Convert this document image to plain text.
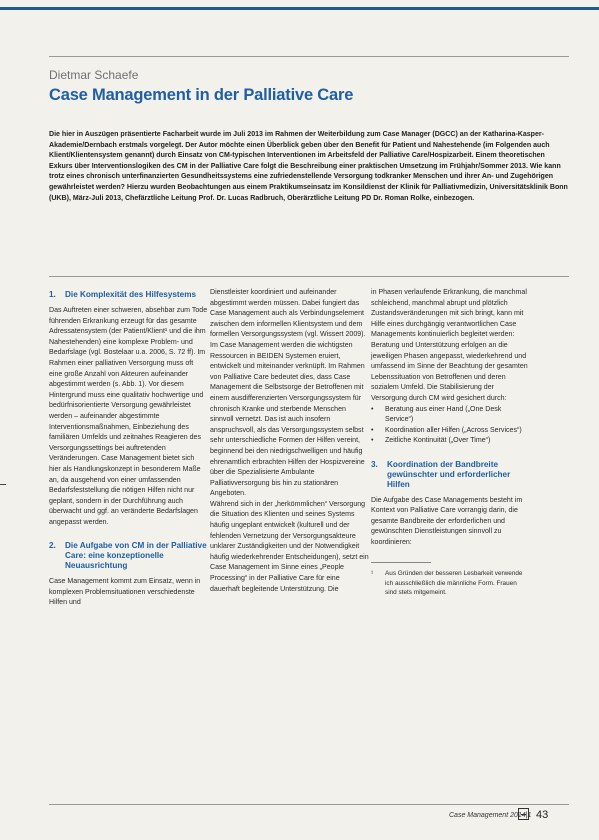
Dietmar Schaefe
Case Management in der Palliative Care
Die hier in Auszügen präsentierte Facharbeit wurde im Juli 2013 im Rahmen der Weiterbildung zum Case Manager (DGCC) an der Katharina-Kasper-Akademie/Dernbach erstmals vorgelegt. Der Autor möchte einen Überblick geben über den Benefit für Patient und Nahestehende (im Folgenden auch Klient/Klientensystem genannt) durch Einsatz von CM-typischen Interventionen im Arbeitsfeld der Palliative Care/Hospizarbeit. Einem theoretischen Exkurs über Interventionslogiken des CM in der Palliative Care folgt die Beschreibung einer praktischen Umsetzung im Frühjahr/Sommer 2013. Wie kann trotz eines chronisch unterfinanzierten Gesundheitssystems eine zufriedenstellende Versorgung todkranker Menschen und ihrer An- und Zugehörigen gewährleistet werden? Hierzu wurden Beobachtungen aus einem Praktikumseinsatz im Konsildienst der Klinik für Palliativmedizin, Universitätsklinik Bonn (UKB), März-Juli 2013, Chefärztliche Leitung Prof. Dr. Lucas Radbruch, Oberärztliche Leitung PD Dr. Roman Rolke, einbezogen.
1.	Die Komplexität des Hilfesystems
Das Auftreten einer schweren, absehbar zum Tode führenden Erkrankung erzeugt für das gesamte Adressatensystem (der Patient/Klient¹ und die ihm Nahestehenden) eine komplexe Problem- und Bedarfslage (vgl. Bostelaar u.a. 2006, S. 72 ff). Im Rahmen einer palliativen Versorgung muss oft eine große Anzahl von Akteuren aufeinander abgestimmt werden (s. Abb. 1). Vor diesem Hintergrund muss eine qualitativ hochwertige und bedürfnisorientierte Versorgung gewährleistet werden – aufeinander abgestimmte Interventionsmaßnahmen, Einbeziehung des familiären Umfelds und zeitnahes Reagieren des Versorgungssettings bei auftretenden Veränderungen. Case Management bietet sich hier als Handlungskonzept in besonderem Maße an, da ausgehend von einer umfassenden Bedarfsfeststellung die nötigen Hilfen nicht nur geplant, sondern in der Durchführung auch überwacht und ggf. an veränderte Bedarfslagen angepasst werden.
2.	Die Aufgabe von CM in der Palliative Care: eine konzeptionelle Neuausrichtung
Case Management kommt zum Einsatz, wenn in komplexen Problemsituationen verschiedenste Hilfen und
Dienstleister koordiniert und aufeinander abgestimmt werden müssen. Dabei fungiert das Case Management auch als Verbindungselement zwischen dem informellen Klientsystem und dem formellen Versorgungssystem (vgl. Wissert 2009). Im Case Management werden die wichtigsten Ressourcen in BEIDEN Systemen eruiert, entwickelt und miteinander verknüpft. Im Rahmen von Palliative Care bedeutet dies, dass Case Management die Selbstsorge der Betroffenen mit einem ausdifferenzierten Versorgungssystem für chronisch Kranke und sterbende Menschen sinnvoll vernetzt. Das ist auch insofern anspruchsvoll, als das Versorgungssystem selbst sehr unterschiedliche Formen der Hilfen vereint, beginnend bei den niedrigschwelligen und häufig ehrenamtlich erbrachten Hilfen der Hospizvereine über die Spezialisierte Ambulante Palliativversorgung bis hin zu stationären Angeboten.
Während sich in der „herkömmlichen“ Versorgung die Situation des Klienten und seines Systems häufig ungeplant entwickelt (kulturell und der fehlenden Vernetzung der Versorgungsakteure unklarer Zuständigkeiten und der Notwendigkeit häufig wiederkehrender Entscheidungen), setzt ein Case Management im Sinne eines „People Processing“ in der Palliative Care für eine dauerhaft begleitende Unterstützung. Die
in Phasen verlaufende Erkrankung, die manchmal schleichend, manchmal abrupt und plötzlich Zustandsveränderungen mit sich bringt, kann mit Hilfe eines durchgängig verantwortlichen Case Managements kontinuierlich begleitet werden: Beratung und Unterstützung erfolgen an die jeweiligen Phasen angepasst, wiederkehrend und umfassend im Sinne der Beachtung der gesamten Lebenssituation von Betroffenen und deren sozialem Umfeld. Die Stabilisierung der Versorgung durch CM wird gesichert durch:
•	Beratung aus einer Hand („One Desk Service“)
•	Koordination aller Hilfen („Across Services“)
•	Zeitliche Kontinuität („Over Time“)
3.	Koordination der Bandbreite gewünschter und erforderlicher Hilfen
Die Aufgabe des Case Managements besteht im Kontext von Palliative Care vorrangig darin, die gesamte Bandbreite der erforderlichen und gewünschten Dienstleistungen sinnvoll zu koordinieren:
¹	Aus Gründen der besseren Lesbarkeit verwende ich ausschließlich die männliche Form. Frauen sind stets mitgemeint.
Case Management 2014|1 43
